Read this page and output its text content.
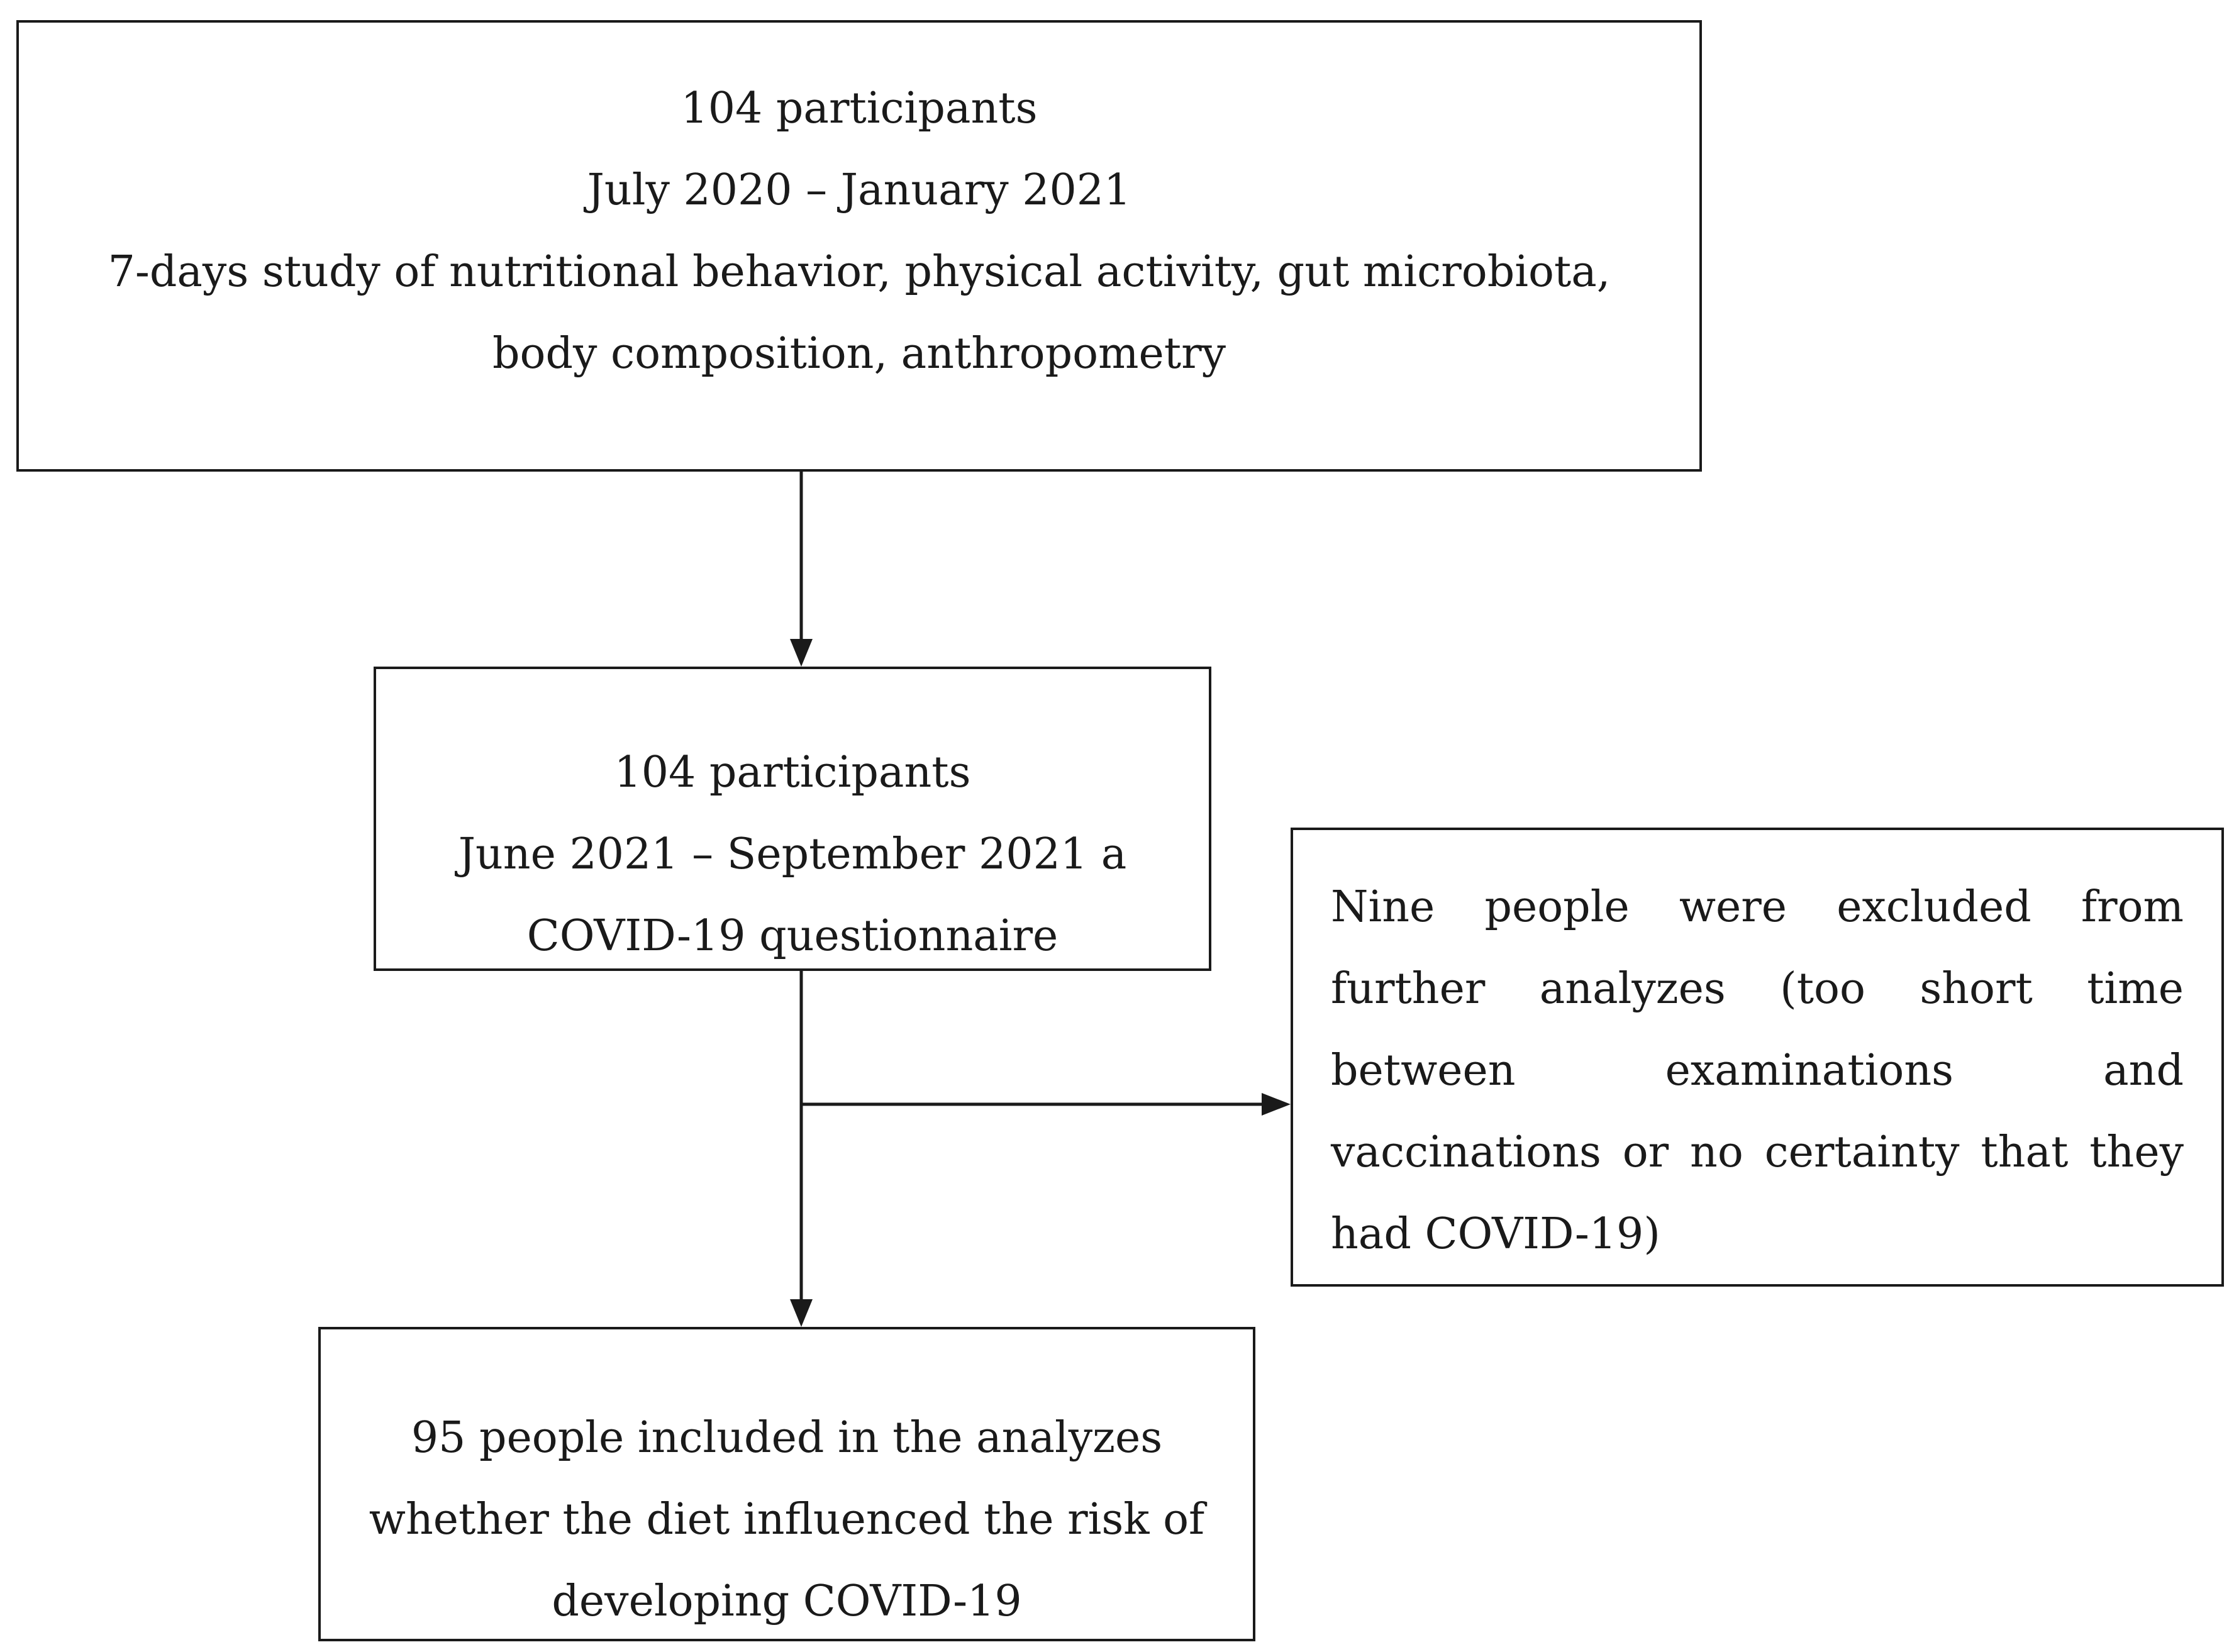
104 participants
July 2020 – January 2021
7-days study of nutritional behavior, physical activity, gut microbiota,
body composition, anthropometry
104 participants
June 2021 – September 2021 a
COVID-19 questionnaire
Nine people were excluded from
further analyzes (too short time
between examinations and
vaccinations or no certainty that they
had COVID-19)
95 people included in the analyzes
whether the diet influenced the risk of
developing COVID-19
